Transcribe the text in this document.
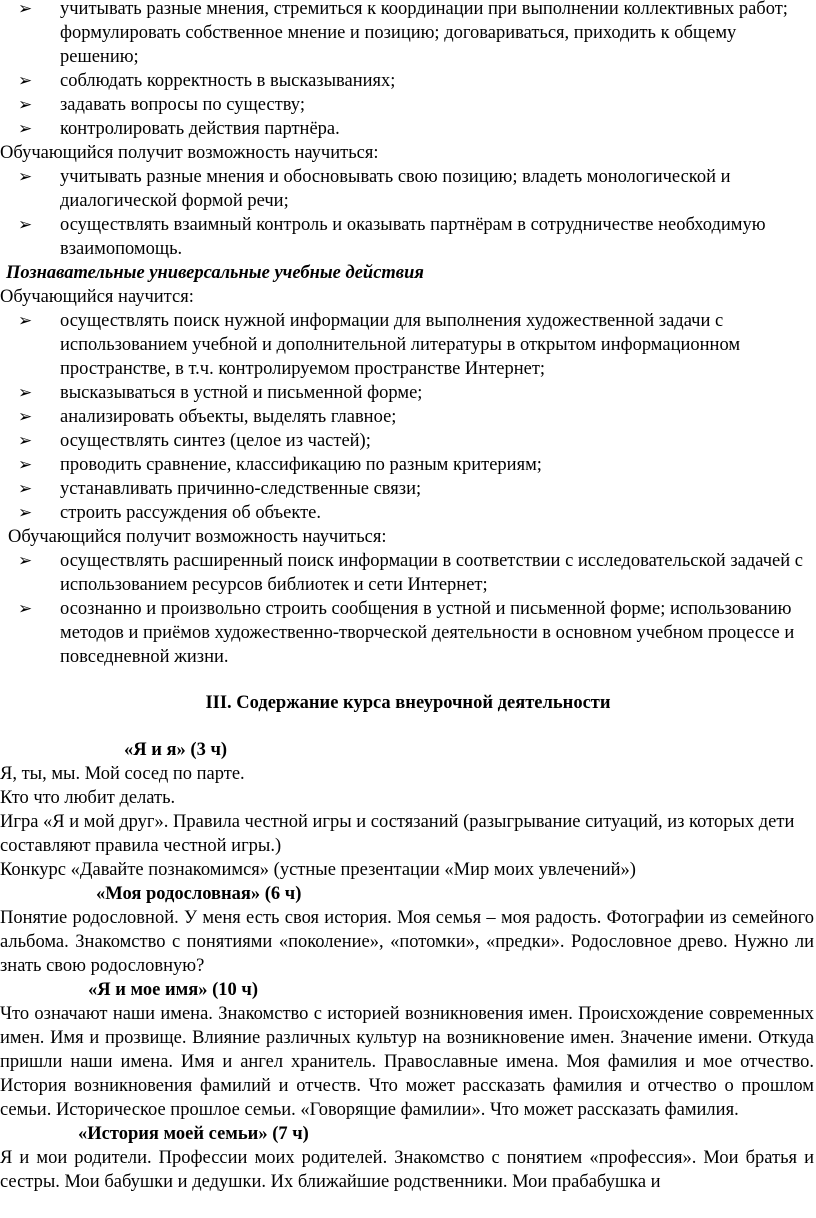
➢ учитывать разные мнения, стремиться к координации при выполнении коллективных работ; формулировать собственное мнение и позицию; договариваться, приходить к общему решению;
➢ соблюдать корректность в высказываниях;
➢ задавать вопросы по существу;
➢ контролировать действия партнёра.

Обучающийся получит возможность научиться:

➢ учитывать разные мнения и обосновывать свою позицию; владеть монологической и диалогической формой речи;
➢ осуществлять взаимный контроль и оказывать партнёрам в сотрудничестве необходимую взаимопомощь.

Познавательные универсальные учебные действия

Обучающийся научится:

➢ осуществлять поиск нужной информации для выполнения художественной задачи с использованием учебной и дополнительной литературы в открытом информационном пространстве, в т.ч. контролируемом пространстве Интернет;
➢ высказываться в устной и письменной форме;
➢ анализировать объекты, выделять главное;
➢ осуществлять синтез (целое из частей);
➢ проводить сравнение, классификацию по разным критериям;
➢ устанавливать причинно-следственные связи;
➢ строить рассуждения об объекте.

Обучающийся получит возможность научиться:

➢ осуществлять расширенный поиск информации в соответствии с исследовательской задачей с использованием ресурсов библиотек и сети Интернет;
➢ осознанно и произвольно строить сообщения в устной и письменной форме; использованию методов и приёмов художественно-творческой деятельности в основном учебном процессе и повседневной жизни.

III. Содержание курса внеурочной деятельности

«Я и я» (3 ч)

Я, ты, мы. Мой сосед по парте.

Кто что любит делать.

Игра «Я и мой друг». Правила честной игры и состязаний (разыгрывание ситуаций, из которых дети составляют правила честной игры.)

Конкурс «Давайте познакомимся» (устные презентации «Мир моих увлечений»)

«Моя родословная» (6 ч)

Понятие родословной. У меня есть своя история. Моя семья – моя радость. Фотографии из семейного альбома. Знакомство с понятиями «поколение», «потомки», «предки». Родословное древо. Нужно ли знать свою родословную?

«Я и мое имя» (10 ч)

Что означают наши имена. Знакомство с историей возникновения имен. Происхождение современных имен. Имя и прозвище. Влияние различных культур на возникновение имен. Значение имени. Откуда пришли наши имена. Имя и ангел хранитель. Православные имена. Моя фамилия и мое отчество. История возникновения фамилий и отчеств. Что может рассказать фамилия и отчество о прошлом семьи. Историческое прошлое семьи. «Говорящие фамилии». Что может рассказать фамилия.

«История моей семьи» (7 ч)

Я и мои родители. Профессии моих родителей. Знакомство с понятием «профессия». Мои братья и сестры. Мои бабушки и дедушки. Их ближайшие родственники. Мои прабабушка и
